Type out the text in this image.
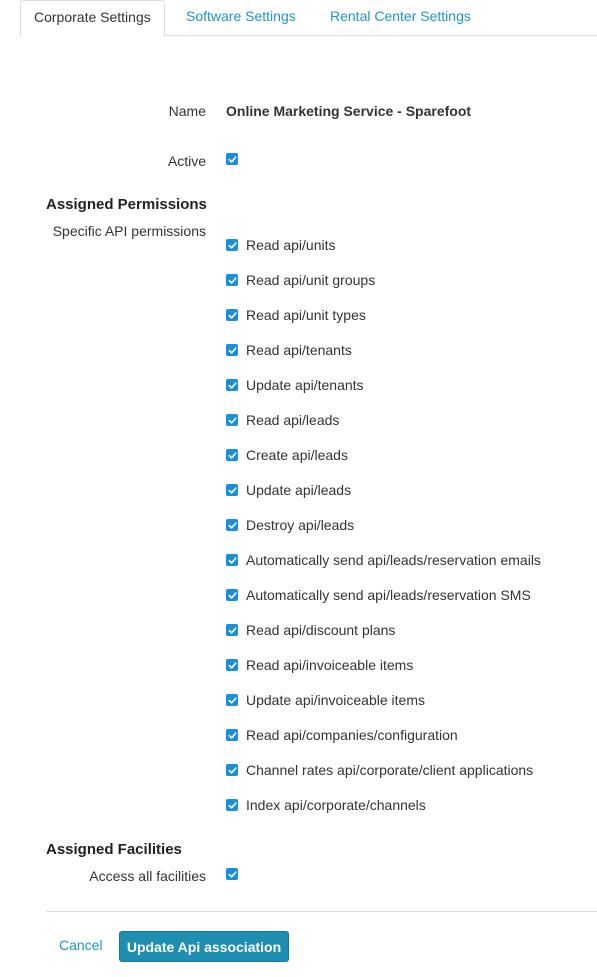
Corporate Settings	Software Settings Rental Center Settings
Name Online Marketing Service - Sparefoot
Active
Assigned Permissions
Specific API permissions
Read api/units
Read api/unit groups
Read api/unit types
Read api/tenants
Update api/tenants
Read api/leads
Create api/leads
Update api/leads
Destroy api/leads
Automatically send api/leads/reservation emails
Automatically send api/leads/reservation SMS
Read api/discount plans
Read api/invoiceable items
Update api/invoiceable items
Read api/companies/configuration
Channel rates api/corporate/client applications
Index api/corporate/channels
Assigned Facilities
Access all facilities
Cancel	Update Api association
